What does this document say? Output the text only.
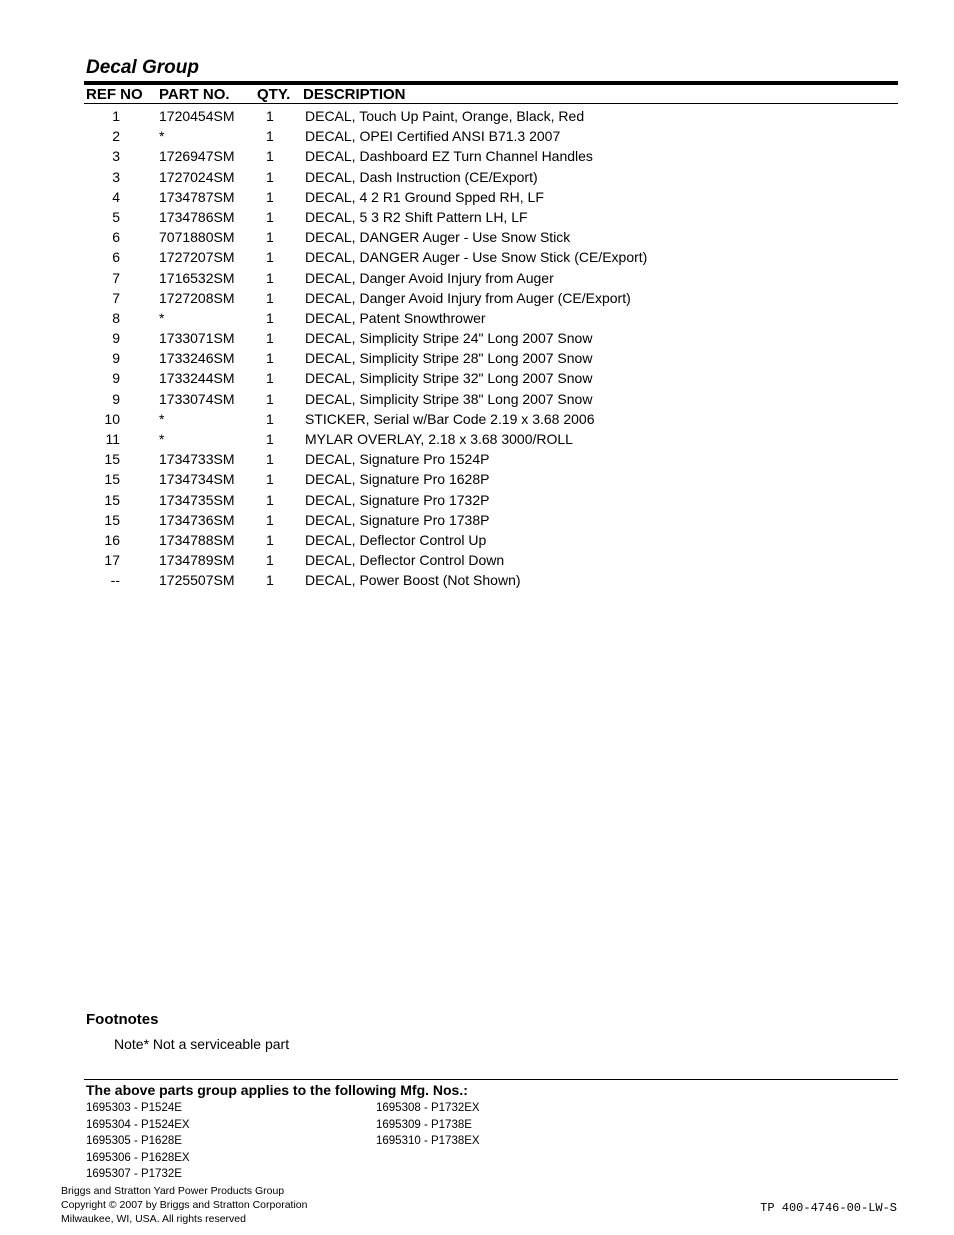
Decal Group
REF NO PART NO. QTY. DESCRIPTION
1	1720454SM 1 DECAL, Touch Up Paint, Orange, Black, Red
2	*	1 DECAL, OPEI Certified ANSI B71.3 2007
3	1726947SM 1 DECAL, Dashboard EZ Turn Channel Handles
3	1727024SM 1 DECAL, Dash Instruction (CE/Export)
4	1734787SM 1 DECAL, 4 2 R1 Ground Spped RH, LF
5	1734786SM 1 DECAL, 5 3 R2 Shift Pattern LH, LF
6	7071880SM 1 DECAL, DANGER Auger - Use Snow Stick
6	1727207SM 1 DECAL, DANGER Auger - Use Snow Stick (CE/Export)
7	1716532SM 1 DECAL, Danger Avoid Injury from Auger
7	1727208SM 1 DECAL, Danger Avoid Injury from Auger (CE/Export)
8	*	1 DECAL, Patent Snowthrower
9	1733071SM 1 DECAL, Simplicity Stripe 24" Long 2007 Snow
9	1733246SM 1 DECAL, Simplicity Stripe 28" Long 2007 Snow
9	1733244SM 1 DECAL, Simplicity Stripe 32" Long 2007 Snow
9	1733074SM 1 DECAL, Simplicity Stripe 38" Long 2007 Snow
10	*	1 STICKER, Serial w/Bar Code 2.19 x 3.68 2006
11	*	1 MYLAR OVERLAY, 2.18 x 3.68 3000/ROLL
15	1734733SM 1 DECAL, Signature Pro 1524P
15	1734734SM 1 DECAL, Signature Pro 1628P
15	1734735SM 1 DECAL, Signature Pro 1732P
15	1734736SM 1 DECAL, Signature Pro 1738P
16	1734788SM 1 DECAL, Deflector Control Up
17	1734789SM 1 DECAL, Deflector Control Down
--	1725507SM 1 DECAL, Power Boost (Not Shown)
Footnotes
Note* Not a serviceable part
The above parts group applies to the following Mfg. Nos.:
1695303 - P1524E
1695304 - P1524EX
1695305 - P1628E
1695306 - P1628EX
1695307 - P1732E
1695308 - P1732EX
1695309 - P1738E
1695310 - P1738EX
Briggs and Stratton Yard Power Products Group
Copyright © 2007 by Briggs and Stratton Corporation
Milwaukee, WI, USA. All rights reserved
TP 400-4746-00-LW-S
